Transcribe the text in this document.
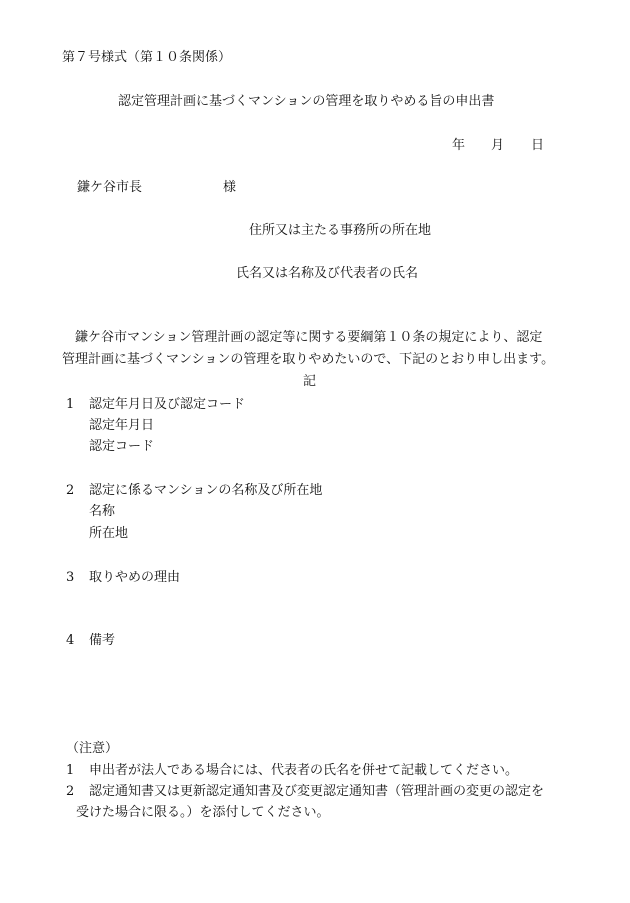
第７号様式（第１０条関係）
認定管理計画に基づくマンションの管理を取りやめる旨の申出書
年 月 日
鎌ケ谷市長	様
住所又は主たる事務所の所在地
氏名又は名称及び代表者の氏名
鎌ケ谷市マンション管理計画の認定等に関する要綱第１０条の規定により、認定
管理計画に基づくマンションの管理を取りやめたいので、下記のとおり申し出ます。
記
1 認定年月日及び認定コード
認定年月日
認定コード
2 認定に係るマンションの名称及び所在地
名称
所在地
3 取りやめの理由
4 備考
（注意）
1 申出者が法人である場合には、代表者の氏名を併せて記載してください。
2 認定通知書又は更新認定通知書及び変更認定通知書（管理計画の変更の認定を
受けた場合に限る。）を添付してください。
